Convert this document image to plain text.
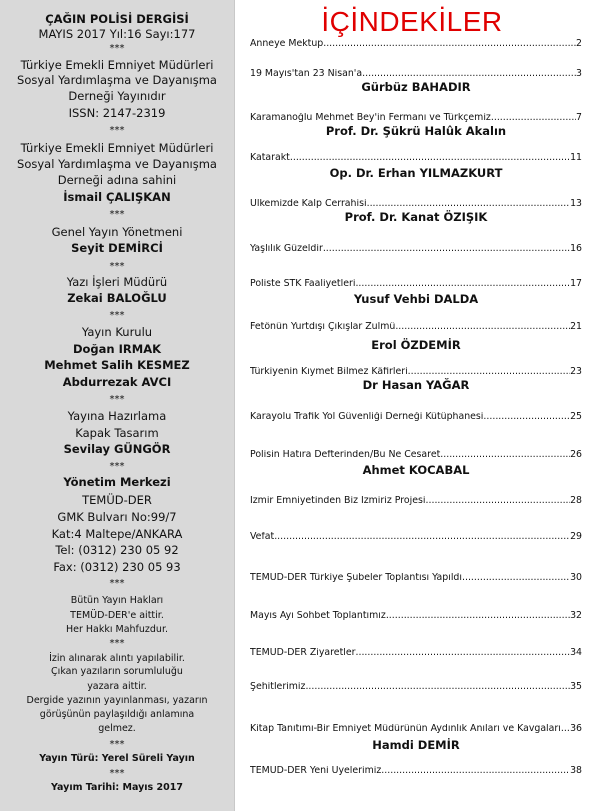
ÇAĞIN POLİSİ DERGİSİ
MAYIS 2017 Yıl:16 Sayı:177
***
Türkiye Emekli Emniyet Müdürleri
Sosyal Yardımlaşma ve Dayanışma
Derneği Yayınıdır
ISSN: 2147-2319
***
Türkiye Emekli Emniyet Müdürleri
Sosyal Yardımlaşma ve Dayanışma
Derneği adına sahini
İsmail ÇALIŞKAN
***
Genel Yayın Yönetmeni
Seyit DEMİRCİ
***
Yazı İşleri Müdürü
Zekai BALOĞLU
***
Yayın Kurulu
Doğan IRMAK
Mehmet Salih KESMEZ
Abdurrezak AVCI
***
Yayına Hazırlama
Kapak Tasarım
Sevilay GÜNGÖR
***
Yönetim Merkezi
TEMÜD-DER
GMK Bulvarı No:99/7
Kat:4 Maltepe/ANKARA
Tel: (0312) 230 05 92
Fax: (0312) 230 05 93
***
Bütün Yayın Hakları
TEMÜD-DER'e aittir.
Her Hakkı Mahfuzdur.
***
İzin alınarak alıntı yapılabilir.
Çıkan yazıların sorumluluğu
yazara aittir.
Dergide yazının yayınlanması, yazarın
görüşünün paylaşıldığı anlamına
gelmez.
***
Yayın Türü: Yerel Süreli Yayın
***
Yayım Tarihi: Mayıs 2017
İÇİNDEKİLER
Anneye Mektup .....	2
19 Mayıs'tan 23 Nisan'a .....	3
Gürbüz BAHADIR
Karamanoğlu Mehmet Bey'in Fermanı ve Türkçemiz .....	7
Prof. Dr. Şükrü Halûk Akalın
Katarakt .....	11
Op. Dr. Erhan YILMAZKURT
Ülkemizde Kalp Cerrahisi .....	13
Prof. Dr. Kanat ÖZIŞIK
Yaşlılık Güzeldir .....	16
Poliste STK Faaliyetleri .....	17
Yusuf Vehbi DALDA
Fetönün Yurtdışı Çıkışlar Zulmü .....	21
Erol ÖZDEMİR
Türkiyenin Kıymet Bilmez Kâfirleri .....	23
Dr Hasan YAĞAR
Karayolu Trafik Yol Güvenliği Derneği Kütüphanesi .....	25
Polisin Hatıra Defterinden/Bu Ne Cesaret .....	26
Ahmet KOCABAL
İzmir Emniyetinden Biz İzmiriz Projesi .....	28
Vefat .....	29
TEMÜD-DER Türkiye Şubeler Toplantısı Yapıldı .....	30
Mayıs Ayı Sohbet Toplantımız .....	32
TEMÜD-DER Ziyaretler .....	34
Şehitlerimiz .....	35
Kitap Tanıtımı-Bir Emniyet Müdürünün Aydınlık Anıları ve Kavgaları ..... 36
Hamdi DEMİR
TEMÜD-DER Yeni Üyelerimiz .....	38
